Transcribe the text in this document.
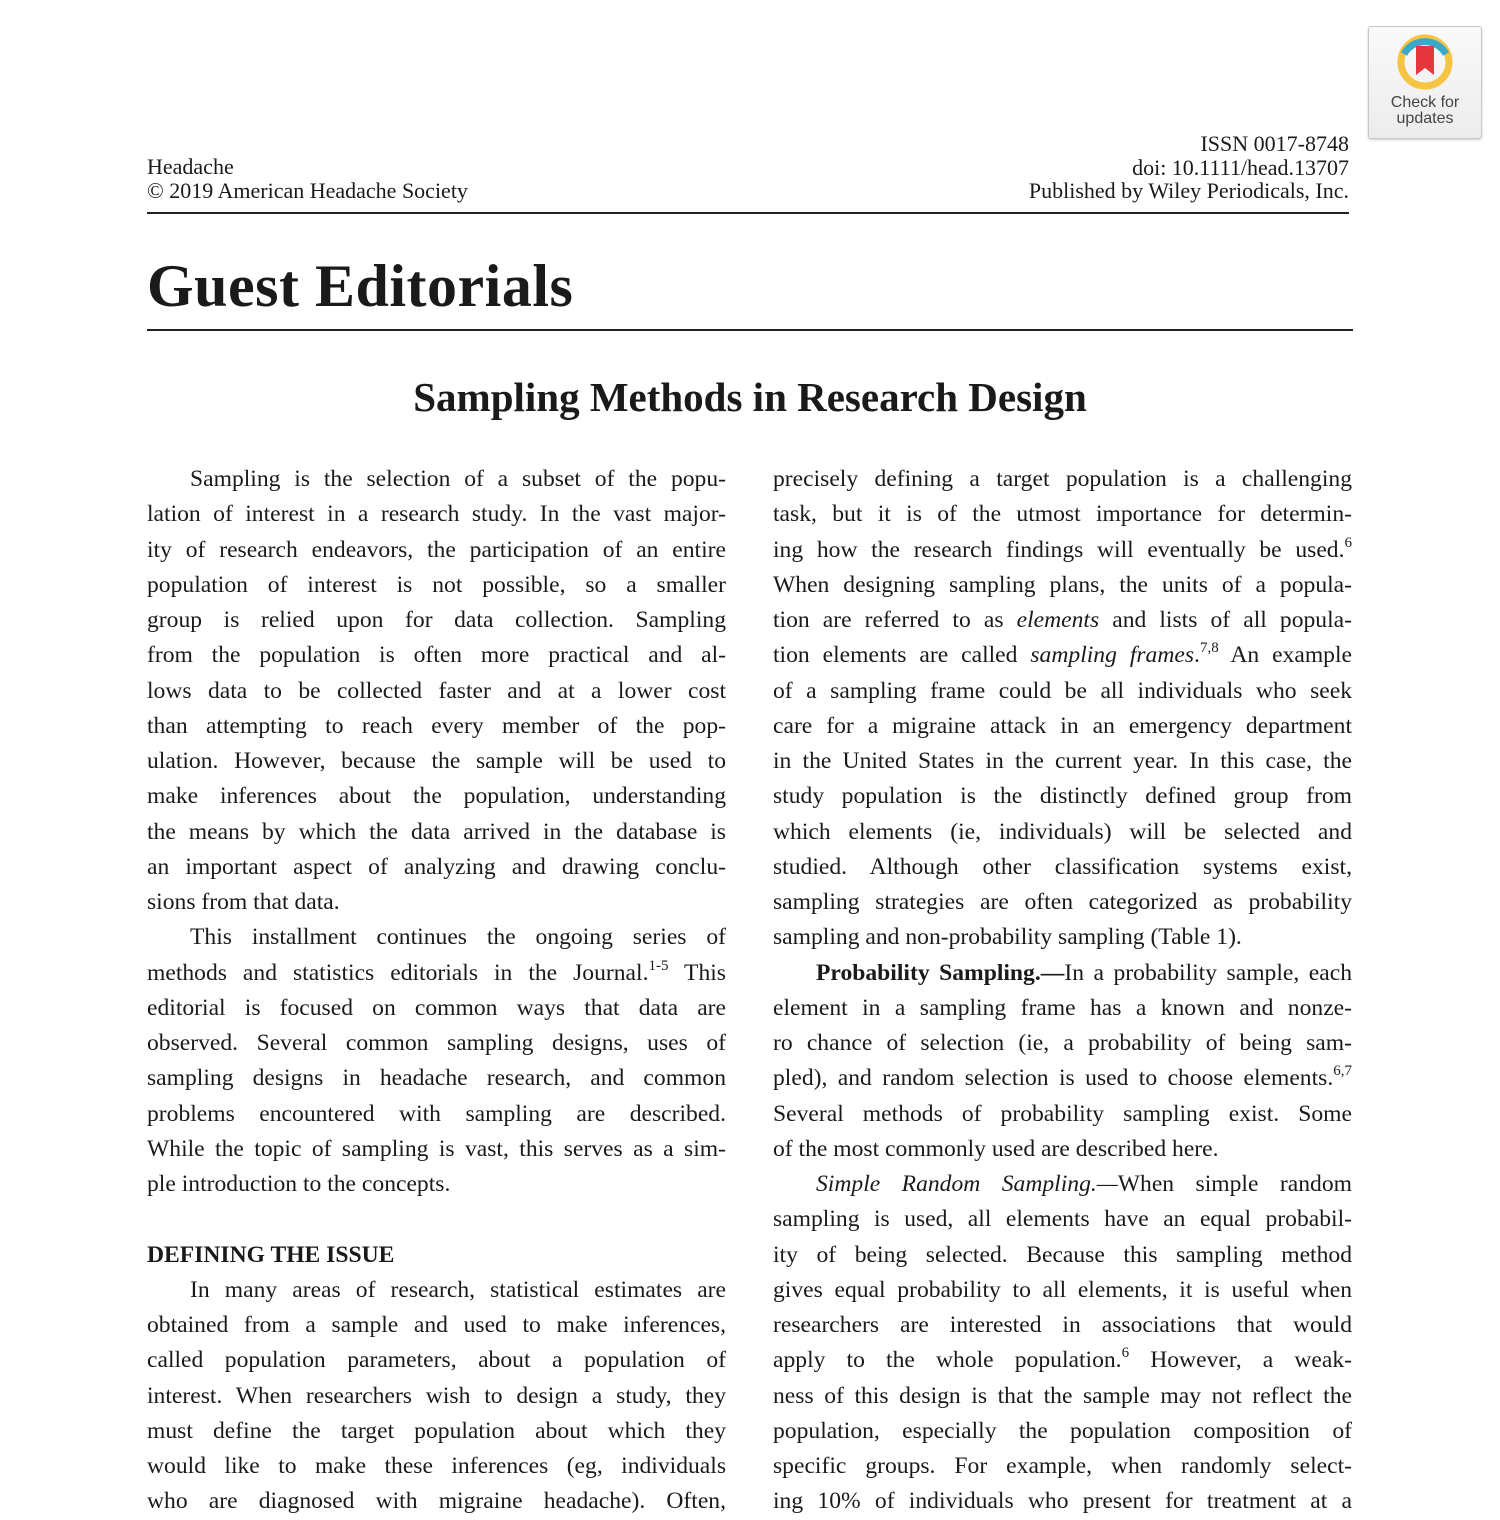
Headache
© 2019 American Headache Society
ISSN 0017-8748
doi: 10.1111/head.13707
Published by Wiley Periodicals, Inc.
Check for
updates
Guest Editorials
Sampling Methods in Research Design
Sampling is the selection of a subset of the popu-
lation of interest in a research study. In the vast major-
ity of research endeavors, the participation of an entire
population of interest is not possible, so a smaller
group is relied upon for data collection. Sampling
from the population is often more practical and al-
lows data to be collected faster and at a lower cost
than attempting to reach every member of the pop-
ulation. However, because the sample will be used to
make inferences about the population, understanding
the means by which the data arrived in the database is
an important aspect of analyzing and drawing conclu-
sions from that data.
This installment continues the ongoing series of
methods and statistics editorials in the Journal.$^{1-5}$ This
editorial is focused on common ways that data are
observed. Several common sampling designs, uses of
sampling designs in headache research, and common
problems encountered with sampling are described.
While the topic of sampling is vast, this serves as a sim-
ple introduction to the concepts.
DEFINING THE ISSUE
In many areas of research, statistical estimates are
obtained from a sample and used to make inferences,
called population parameters, about a population of
interest. When researchers wish to design a study, they
must define the target population about which they
would like to make these inferences (eg, individuals
who are diagnosed with migraine headache). Often,
precisely defining a target population is a challenging
task, but it is of the utmost importance for determin-
ing how the research findings will eventually be used.$^6$
When designing sampling plans, the units of a popula-
tion are referred to as elements and lists of all popula-
tion elements are called sampling frames.$^{7,8}$ An example
of a sampling frame could be all individuals who seek
care for a migraine attack in an emergency department
in the United States in the current year. In this case, the
study population is the distinctly defined group from
which elements (ie, individuals) will be selected and
studied. Although other classification systems exist,
sampling strategies are often categorized as probability
sampling and non-probability sampling (Table 1).
Probability Sampling.—In a probability sample, each
element in a sampling frame has a known and nonze-
ro chance of selection (ie, a probability of being sam-
pled), and random selection is used to choose elements.$^{6,7}$
Several methods of probability sampling exist. Some
of the most commonly used are described here.
Simple Random Sampling.—When simple random
sampling is used, all elements have an equal probabil-
ity of being selected. Because this sampling method
gives equal probability to all elements, it is useful when
researchers are interested in associations that would
apply to the whole population.$^6$ However, a weak-
ness of this design is that the sample may not reflect the
population, especially the population composition of
specific groups. For example, when randomly select-
ing 10% of individuals who present for treatment at a
